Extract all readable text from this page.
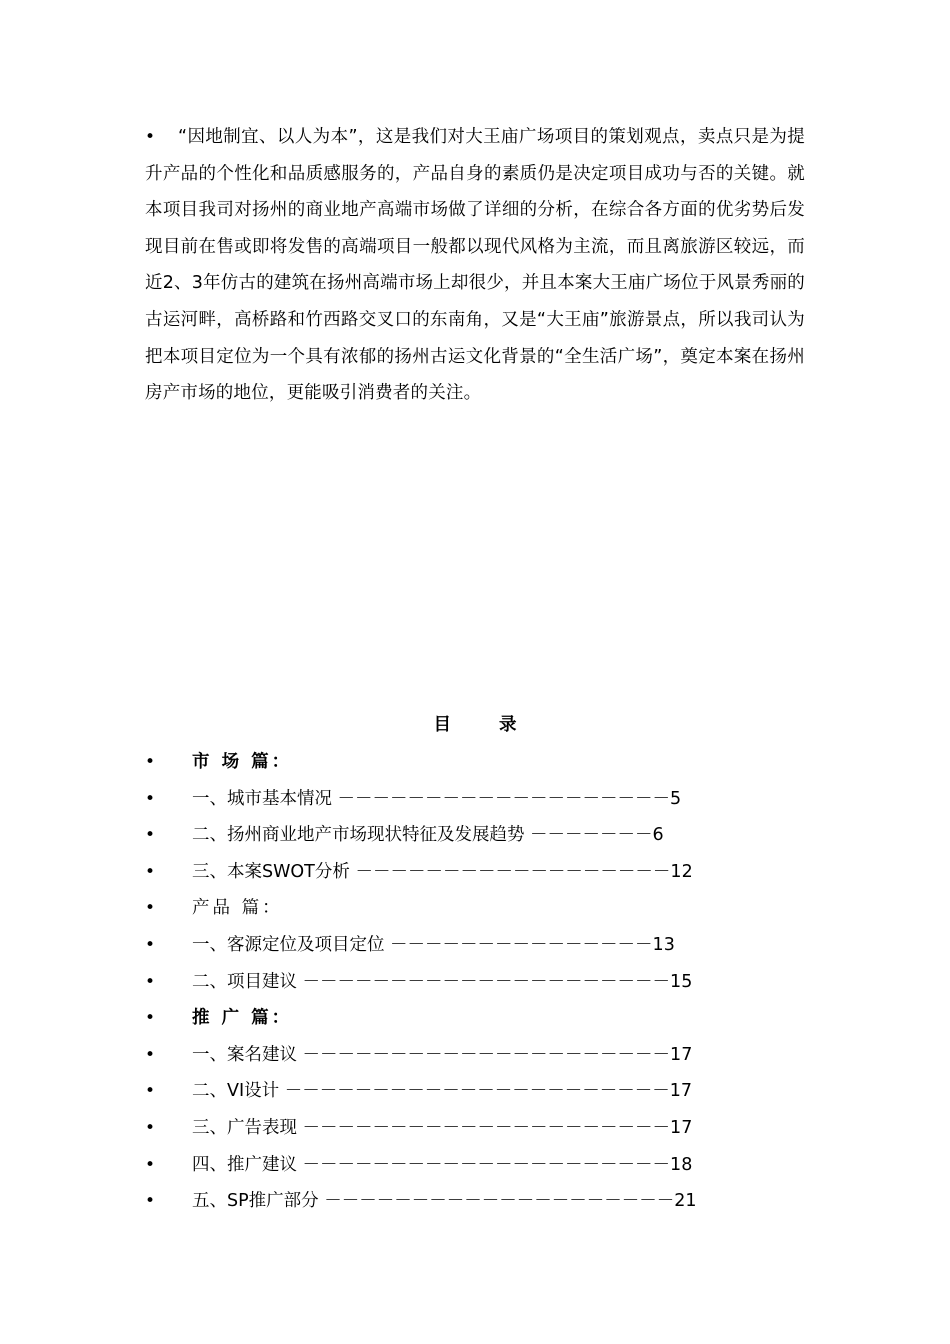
•	“因地制宜、以人为本”，这是我们对大王庙广场项目的策划观点，卖点只是为提升产品的个性化和品质感服务的，产品自身的素质仍是决定项目成功与否的关键。就本项目我司对扬州的商业地产高端市场做了详细的分析，在综合各方面的优劣势后发现目前在售或即将发售的高端项目一般都以现代风格为主流，而且离旅游区较远，而近2、3年仿古的建筑在扬州高端市场上却很少，并且本案大王庙广场位于风景秀丽的古运河畔，高桥路和竹西路交叉口的东南角，又是“大王庙”旅游景点，所以我司认为把本项目定位为一个具有浓郁的扬州古运文化背景的“全生活广场”，奠定本案在扬州房产市场的地位，更能吸引消费者的关注。

目	录
• 市 场 篇：
• 一、城市基本情况 －－－－－－－－－－－－－－－－－－－5
• 二、扬州商业地产市场现状特征及发展趋势 －－－－－－－6
• 三、本案SWOT分析 －－－－－－－－－－－－－－－－－－12
• 产品 篇：
• 一、客源定位及项目定位 －－－－－－－－－－－－－－－13
• 二、项目建议 －－－－－－－－－－－－－－－－－－－－－15
• 推 广 篇：
• 一、案名建议 －－－－－－－－－－－－－－－－－－－－－17
• 二、VI设计 －－－－－－－－－－－－－－－－－－－－－－17
• 三、广告表现 －－－－－－－－－－－－－－－－－－－－－17
• 四、推广建议 －－－－－－－－－－－－－－－－－－－－－18
• 五、SP推广部分 －－－－－－－－－－－－－－－－－－－－21
